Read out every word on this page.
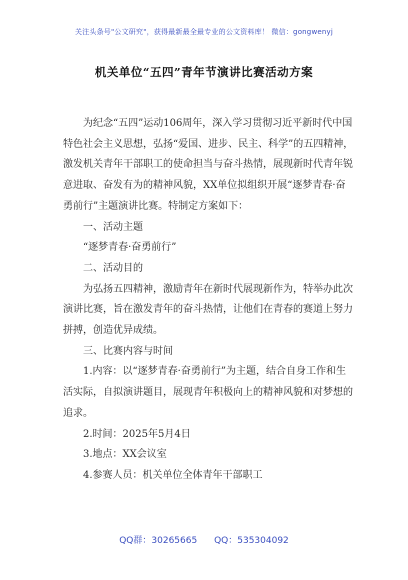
关注头条号"公文研究"，获得最新最全最专业的公文资料库！ 微信：gongwenyj
机关单位“五四”青年节演讲比赛活动方案

为纪念“五四”运动106周年，深入学习贯彻习近平新时代中国特色社会主义思想，弘扬“爱国、进步、民主、科学”的五四精神，激发机关青年干部职工的使命担当与奋斗热情，展现新时代青年锐意进取、奋发有为的精神风貌，XX单位拟组织开展“逐梦青春·奋勇前行”主题演讲比赛。特制定方案如下：

一、活动主题

“逐梦青春·奋勇前行”

二、活动目的

为弘扬五四精神，激励青年在新时代展现新作为，特举办此次演讲比赛，旨在激发青年的奋斗热情，让他们在青春的赛道上努力拼搏，创造优异成绩。

三、比赛内容与时间

1.内容：以“逐梦青春·奋勇前行”为主题，结合自身工作和生活实际，自拟演讲题目，展现青年积极向上的精神风貌和对梦想的追求。

2.时间：2025年5月4日

3.地点：XX会议室

4.参赛人员：机关单位全体青年干部职工

QQ群：30265665 QQ：535304092
